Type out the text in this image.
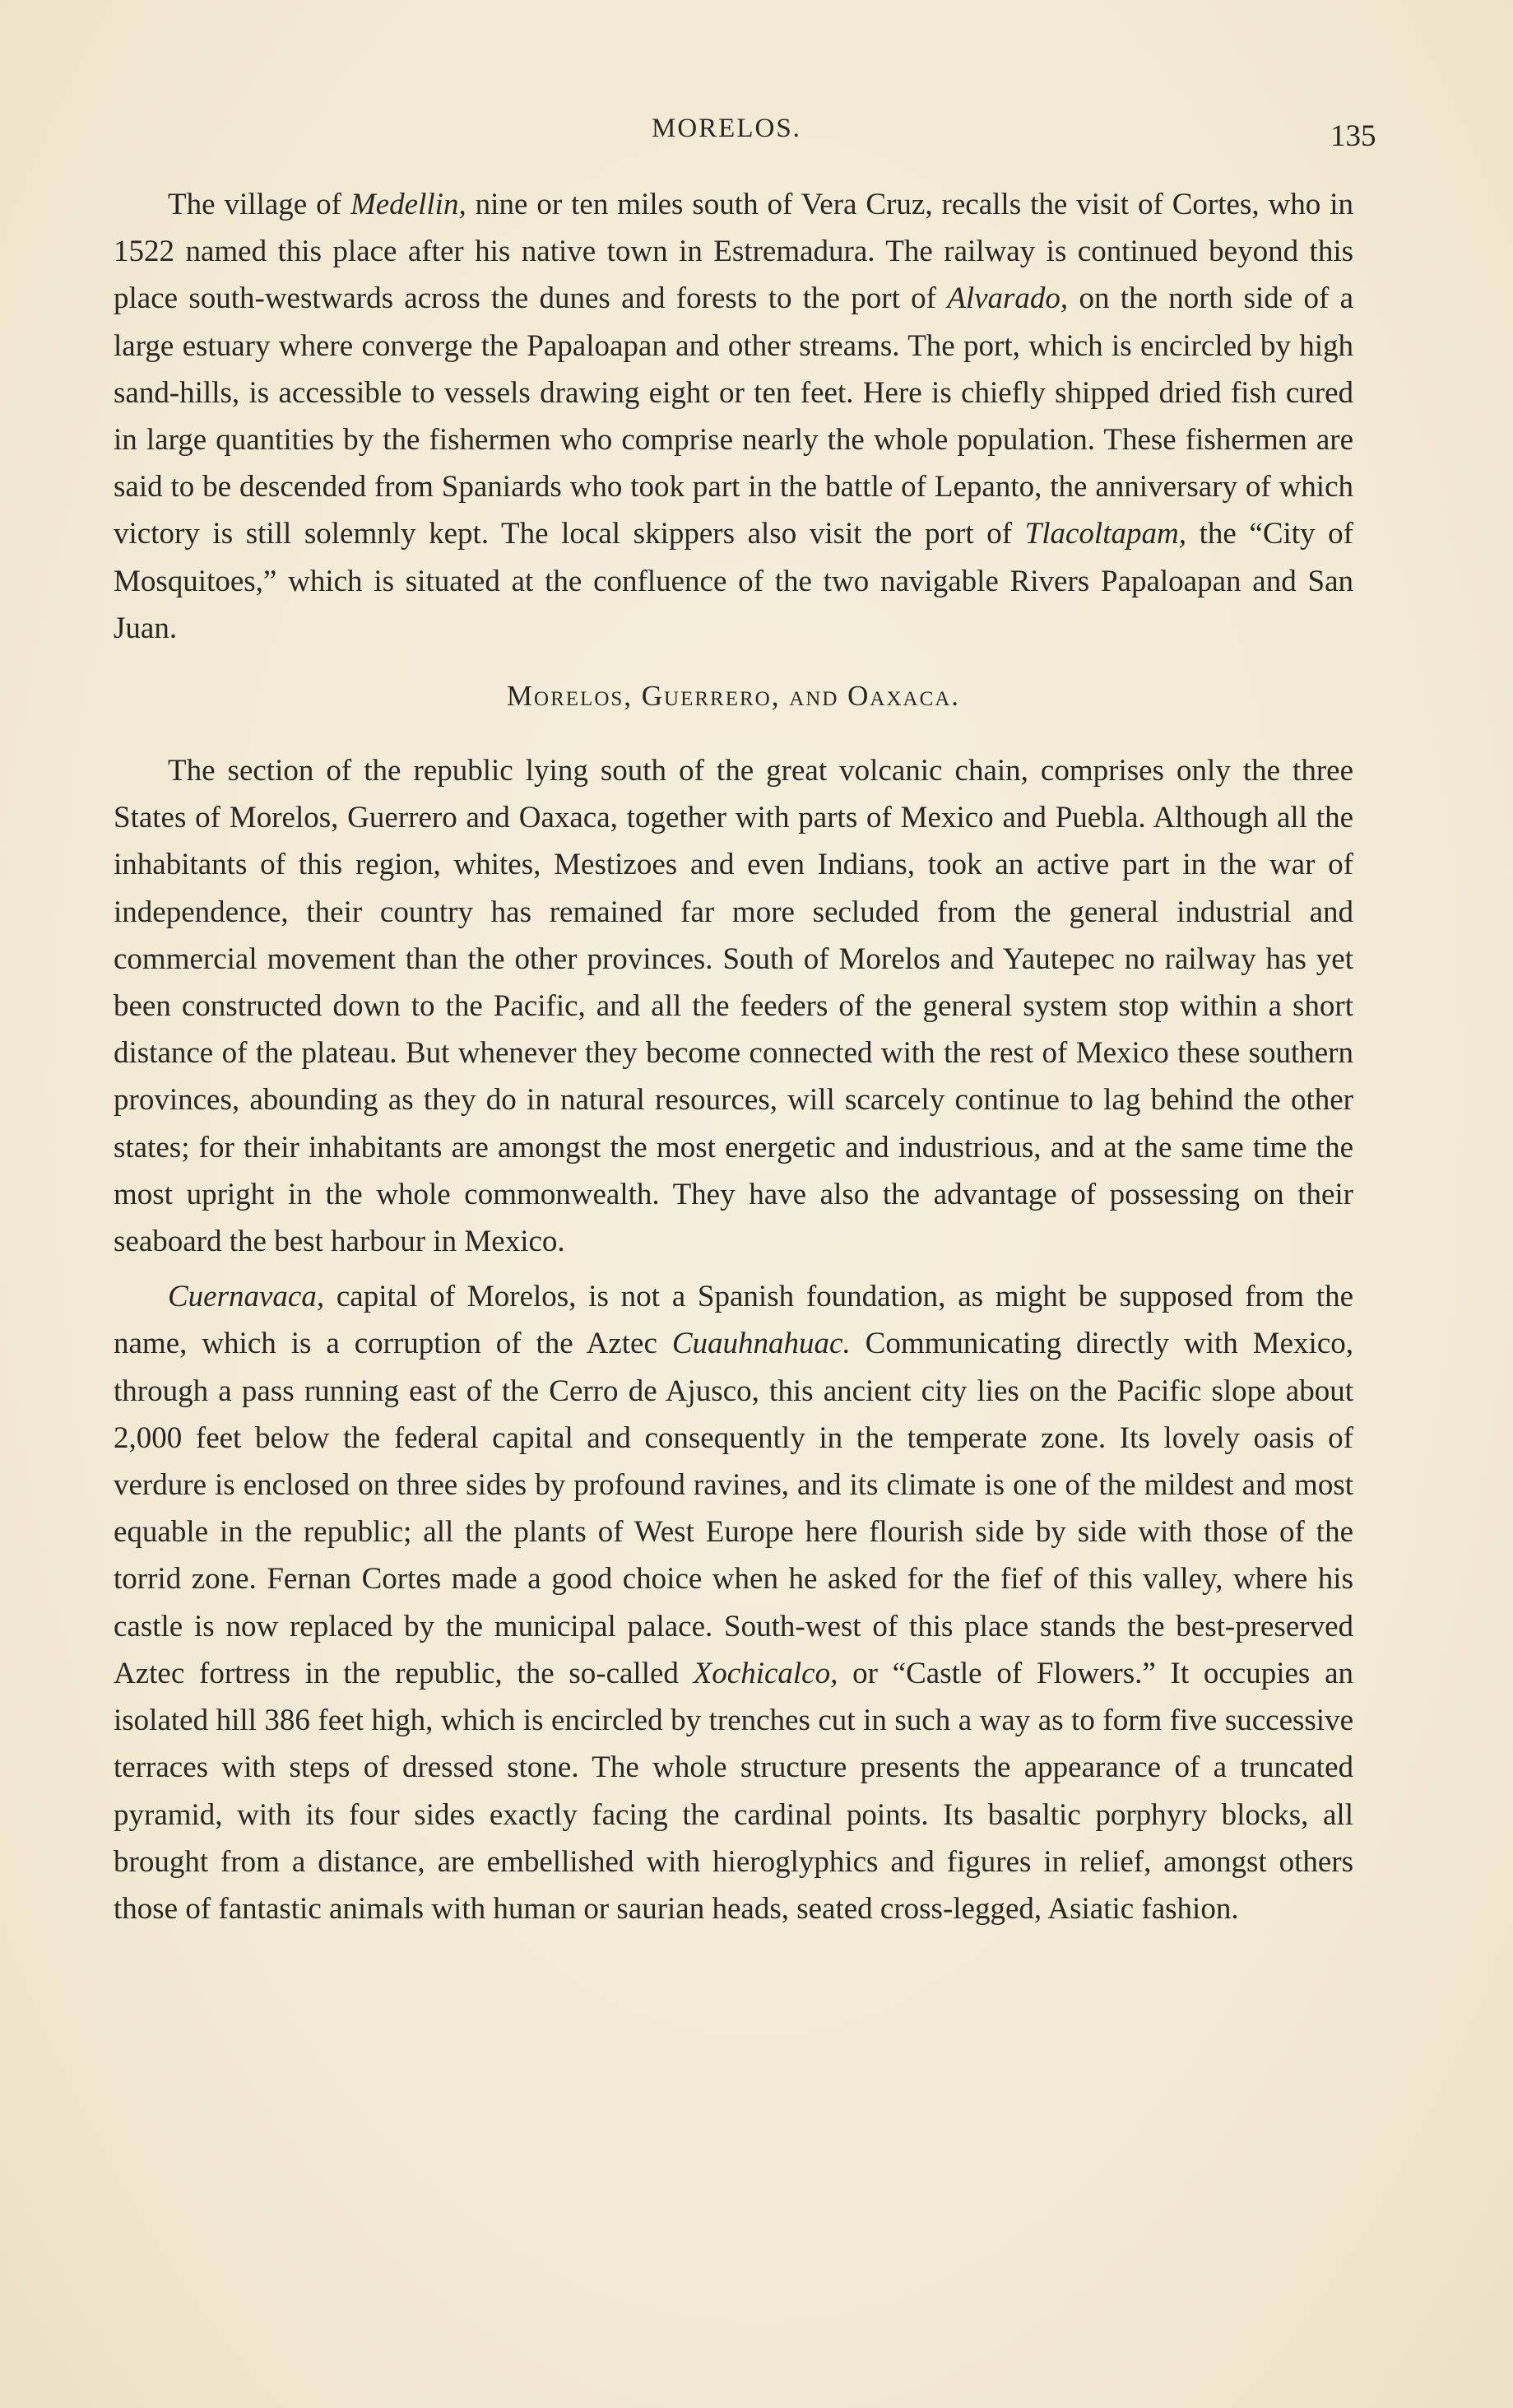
MORELOS.	135

The village of Medellin, nine or ten miles south of Vera Cruz, recalls the visit of Cortes, who in 1522 named this place after his native town in Estremadura. The railway is continued beyond this place south-westwards across the dunes and forests to the port of Alvarado, on the north side of a large estuary where converge the Papaloapan and other streams. The port, which is encircled by high sand-hills, is accessible to vessels drawing eight or ten feet. Here is chiefly shipped dried fish cured in large quantities by the fishermen who comprise nearly the whole population. These fishermen are said to be descended from Spaniards who took part in the battle of Lepanto, the anniversary of which victory is still solemnly kept. The local skippers also visit the port of Tlacoltapam, the “City of Mosquitoes,” which is situated at the confluence of the two navigable Rivers Papaloapan and San Juan.

Morelos, Guerrero, and Oaxaca.

The section of the republic lying south of the great volcanic chain, comprises only the three States of Morelos, Guerrero and Oaxaca, together with parts of Mexico and Puebla. Although all the inhabitants of this region, whites, Mestizoes and even Indians, took an active part in the war of independence, their country has remained far more secluded from the general industrial and commercial movement than the other provinces. South of Morelos and Yautepec no railway has yet been constructed down to the Pacific, and all the feeders of the general system stop within a short distance of the plateau. But whenever they become connected with the rest of Mexico these southern provinces, abounding as they do in natural resources, will scarcely continue to lag behind the other states; for their inhabitants are amongst the most energetic and industrious, and at the same time the most upright in the whole commonwealth. They have also the advantage of possessing on their seaboard the best harbour in Mexico.

Cuernavaca, capital of Morelos, is not a Spanish foundation, as might be supposed from the name, which is a corruption of the Aztec Cuauhnahuac. Communicating directly with Mexico, through a pass running east of the Cerro de Ajusco, this ancient city lies on the Pacific slope about 2,000 feet below the federal capital and consequently in the temperate zone. Its lovely oasis of verdure is enclosed on three sides by profound ravines, and its climate is one of the mildest and most equable in the republic; all the plants of West Europe here flourish side by side with those of the torrid zone. Fernan Cortes made a good choice when he asked for the fief of this valley, where his castle is now replaced by the municipal palace. South-west of this place stands the best-preserved Aztec fortress in the republic, the so-called Xochicalco, or “Castle of Flowers.” It occupies an isolated hill 386 feet high, which is encircled by trenches cut in such a way as to form five successive terraces with steps of dressed stone. The whole structure presents the appearance of a truncated pyramid, with its four sides exactly facing the cardinal points. Its basaltic porphyry blocks, all brought from a distance, are embellished with hieroglyphics and figures in relief, amongst others those of fantastic animals with human or saurian heads, seated cross-legged, Asiatic fashion.
